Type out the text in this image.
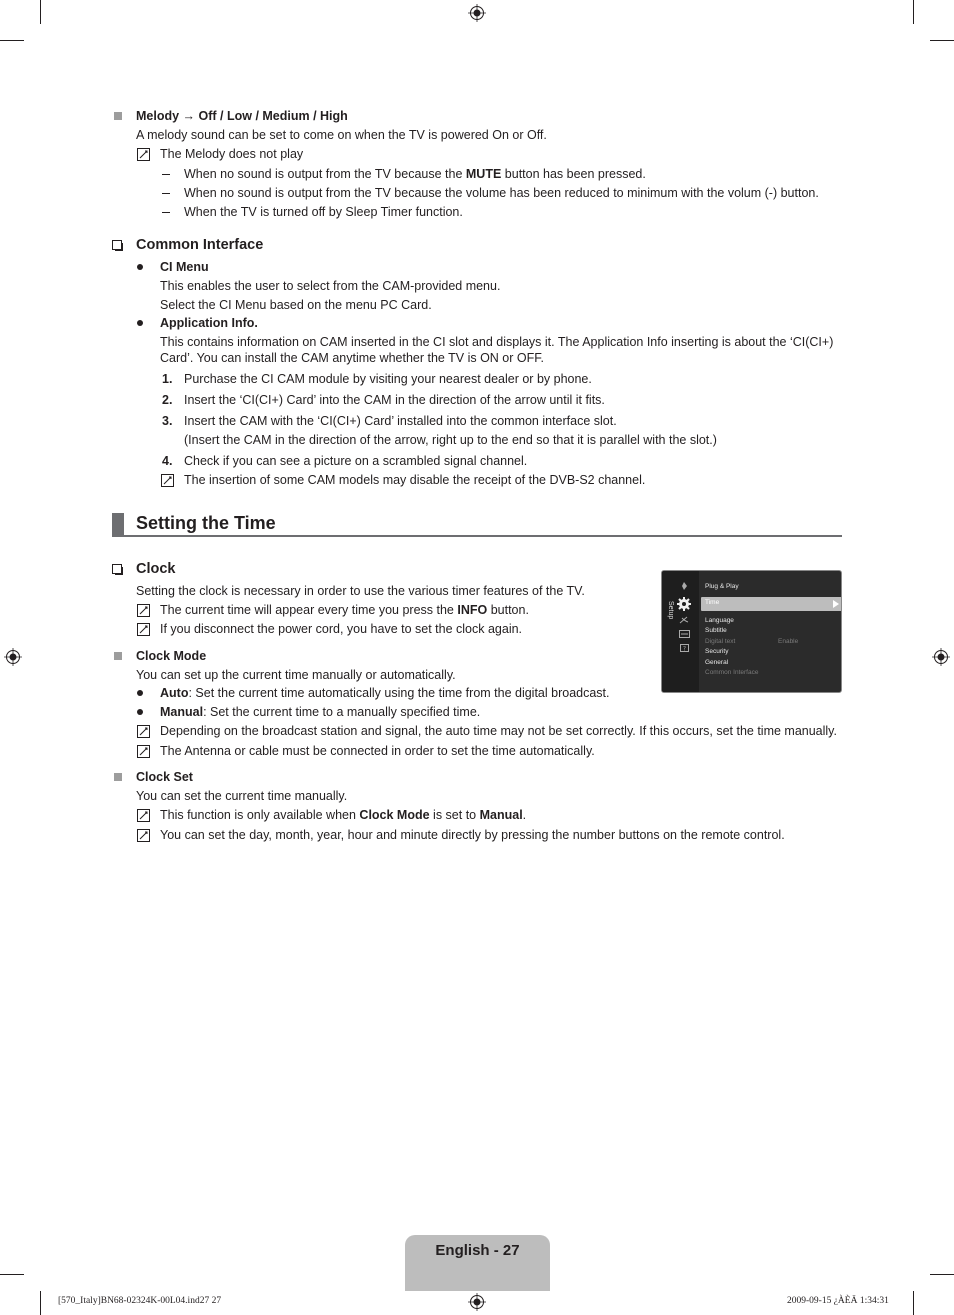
Melody → Off / Low / Medium / High
A melody sound can be set to come on when the TV is powered On or Off.
The Melody does not play
When no sound is output from the TV because the MUTE button has been pressed.
When no sound is output from the TV because the volume has been reduced to minimum with the volum (-) button.
When the TV is turned off by Sleep Timer function.
Common Interface
CI Menu
This enables the user to select from the CAM-provided menu.
Select the CI Menu based on the menu PC Card.
Application Info.
This contains information on CAM inserted in the CI slot and displays it. The Application Info inserting is about the ‘CI(CI+)
Card’. You can install the CAM anytime whether the TV is ON or OFF.
1. Purchase the CI CAM module by visiting your nearest dealer or by phone.
2. Insert the ‘CI(CI+) Card’ into the CAM in the direction of the arrow until it fits.
3. Insert the CAM with the ‘CI(CI+) Card’ installed into the common interface slot.
(Insert the CAM in the direction of the arrow, right up to the end so that it is parallel with the slot.)
4. Check if you can see a picture on a scrambled signal channel.
The insertion of some CAM models may disable the receipt of the DVB-S2 channel.
Setting the Time
Clock
Setting the clock is necessary in order to use the various timer features of the TV.
The current time will appear every time you press the INFO button.
If you disconnect the power cord, you have to set the clock again.
Setup
?
Plug & Play
Time
Language
Subtitle
Digital text	Enable
Security
General
Common Interface
Clock Mode
You can set up the current time manually or automatically.
Auto: Set the current time automatically using the time from the digital broadcast.
Manual: Set the current time to a manually specified time.
Depending on the broadcast station and signal, the auto time may not be set correctly. If this occurs, set the time manually.
The Antenna or cable must be connected in order to set the time automatically.
Clock Set
You can set the current time manually.
This function is only available when Clock Mode is set to Manual.
You can set the day, month, year, hour and minute directly by pressing the number buttons on the remote control.
English - 27
[570_Italy]BN68-02324K-00L04.ind27 27	2009-09-15 ¿ÀÈÄ 1:34:31
